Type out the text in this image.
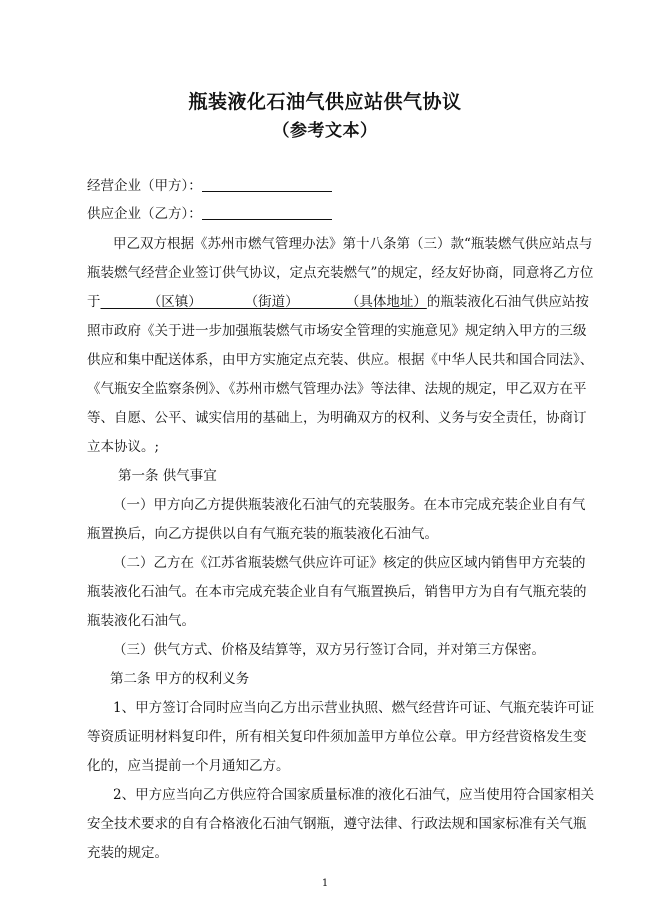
瓶装液化石油气供应站供气协议
（参考文本）
经营企业（甲方）：
供应企业（乙方）：
甲乙双方根据《苏州市燃气管理办法》第十八条第（三）款“瓶装燃气供应站点与
瓶装燃气经营企业签订供气协议，定点充装燃气”的规定，经友好协商，同意将乙方位
于           （区镇）          （街道）           （具体地址）的瓶装液化石油气供应站按
照市政府《关于进一步加强瓶装燃气市场安全管理的实施意见》规定纳入甲方的三级
供应和集中配送体系，由甲方实施定点充装、供应。根据《中华人民共和国合同法》、
《气瓶安全监察条例》、《苏州市燃气管理办法》等法律、法规的规定，甲乙双方在平
等、自愿、公平、诚实信用的基础上，为明确双方的权利、义务与安全责任，协商订
立本协议。;
第一条 供气事宜
（一）甲方向乙方提供瓶装液化石油气的充装服务。在本市完成充装企业自有气
瓶置换后，向乙方提供以自有气瓶充装的瓶装液化石油气。
（二）乙方在《江苏省瓶装燃气供应许可证》核定的供应区域内销售甲方充装的
瓶装液化石油气。在本市完成充装企业自有气瓶置换后，销售甲方为自有气瓶充装的
瓶装液化石油气。
（三）供气方式、价格及结算等，双方另行签订合同，并对第三方保密。
第二条 甲方的权利义务
1、甲方签订合同时应当向乙方出示营业执照、燃气经营许可证、气瓶充装许可证
等资质证明材料复印件，所有相关复印件须加盖甲方单位公章。甲方经营资格发生变
化的，应当提前一个月通知乙方。
2、甲方应当向乙方供应符合国家质量标准的液化石油气，应当使用符合国家相关
安全技术要求的自有合格液化石油气钢瓶，遵守法律、行政法规和国家标准有关气瓶
充装的规定。
1
